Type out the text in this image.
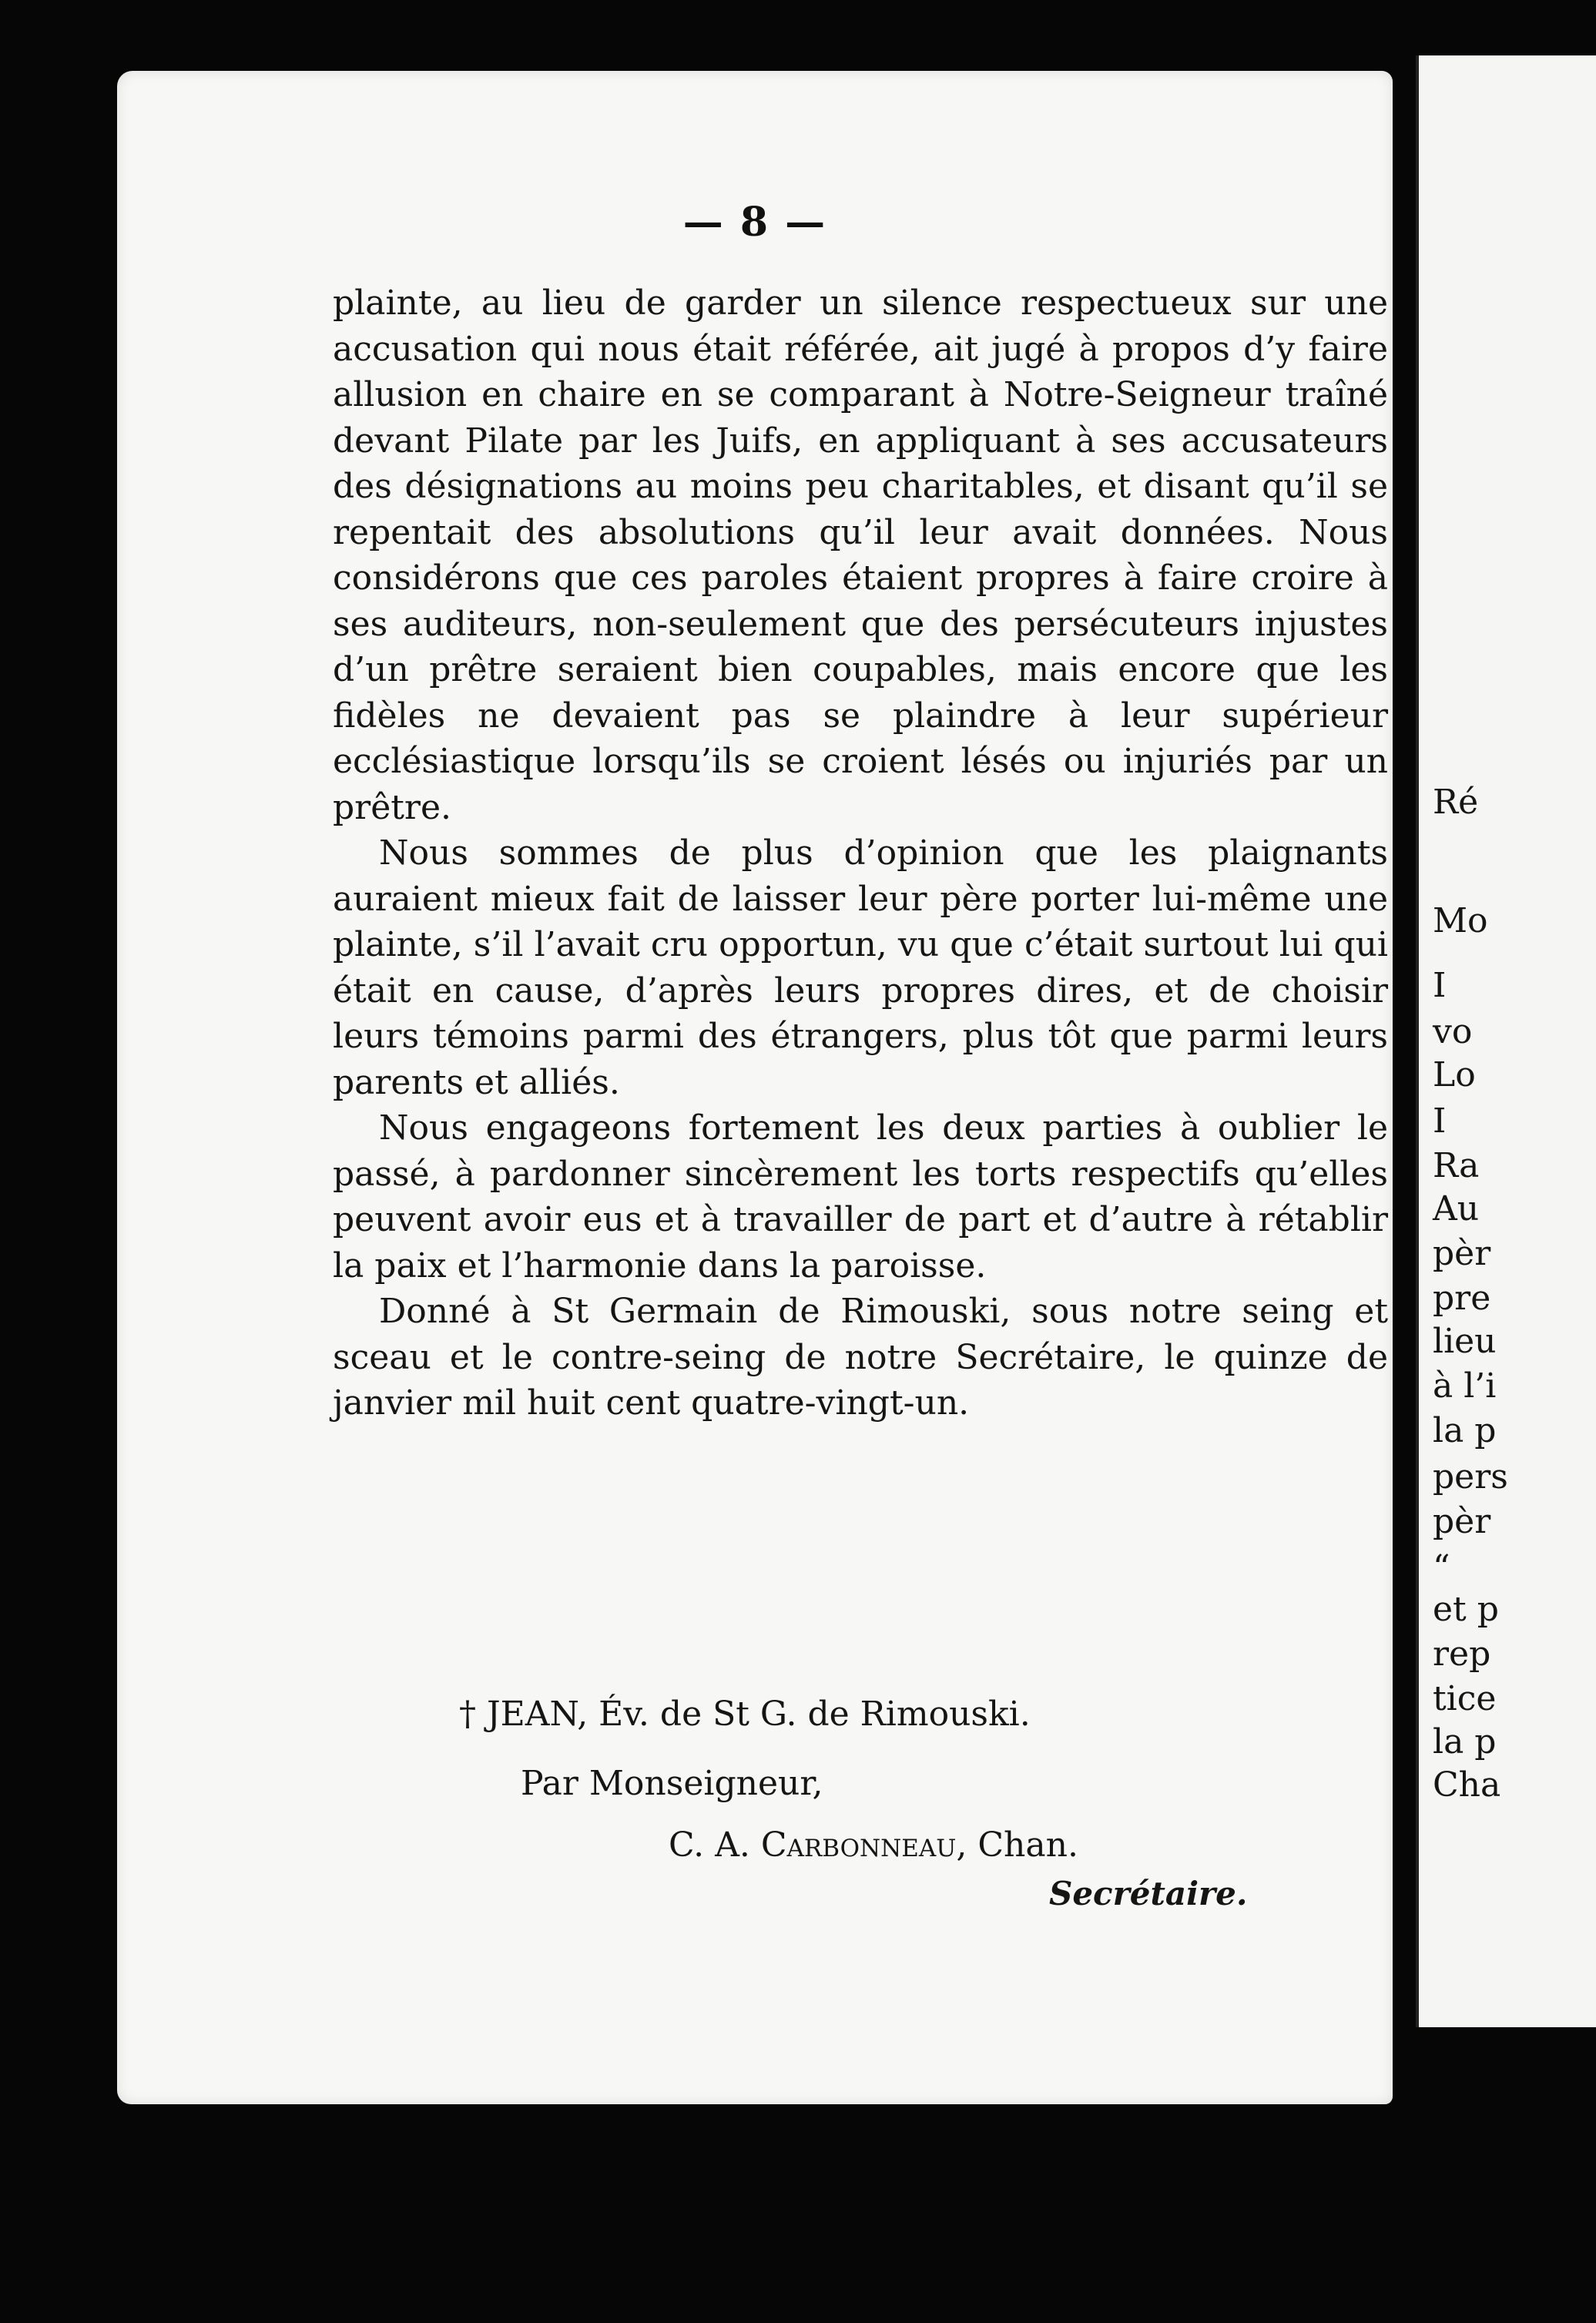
Ré
Mo
I
vo
Lo
I
Ra
Au
pèr
pre
lieu
à l’i
la p
pers
pèr
“
et p
rep
tice
la p
Cha
— 8 —

plainte, au lieu de garder un silence respectueux sur une accusation qui nous était référée, ait jugé à propos d’y faire allusion en chaire en se comparant à Notre-Seigneur traîné devant Pilate par les Juifs, en appliquant à ses accusateurs des désignations au moins peu charitables, et disant qu’il se repentait des absolutions qu’il leur avait données. Nous considérons que ces paroles étaient propres à faire croire à ses auditeurs, non-seulement que des persécuteurs injustes d’un prêtre seraient bien coupables, mais encore que les fidèles ne devaient pas se plaindre à leur supérieur ecclésiastique lorsqu’ils se croient lésés ou injuriés par un prêtre.

Nous sommes de plus d’opinion que les plaignants auraient mieux fait de laisser leur père porter lui-même une plainte, s’il l’avait cru opportun, vu que c’était surtout lui qui était en cause, d’après leurs propres dires, et de choisir leurs témoins parmi des étrangers, plus tôt que parmi leurs parents et alliés.

Nous engageons fortement les deux parties à oublier le passé, à pardonner sincèrement les torts respectifs qu’elles peuvent avoir eus et à travailler de part et d’autre à rétablir la paix et l’harmonie dans la paroisse.

Donné à St Germain de Rimouski, sous notre seing et sceau et le contre-seing de notre Secrétaire, le quinze de janvier mil huit cent quatre-vingt-un.

† JEAN, Év. de St G. de Rimouski.
Par Monseigneur,
C. A. Carbonneau, Chan.
Secrétaire.
